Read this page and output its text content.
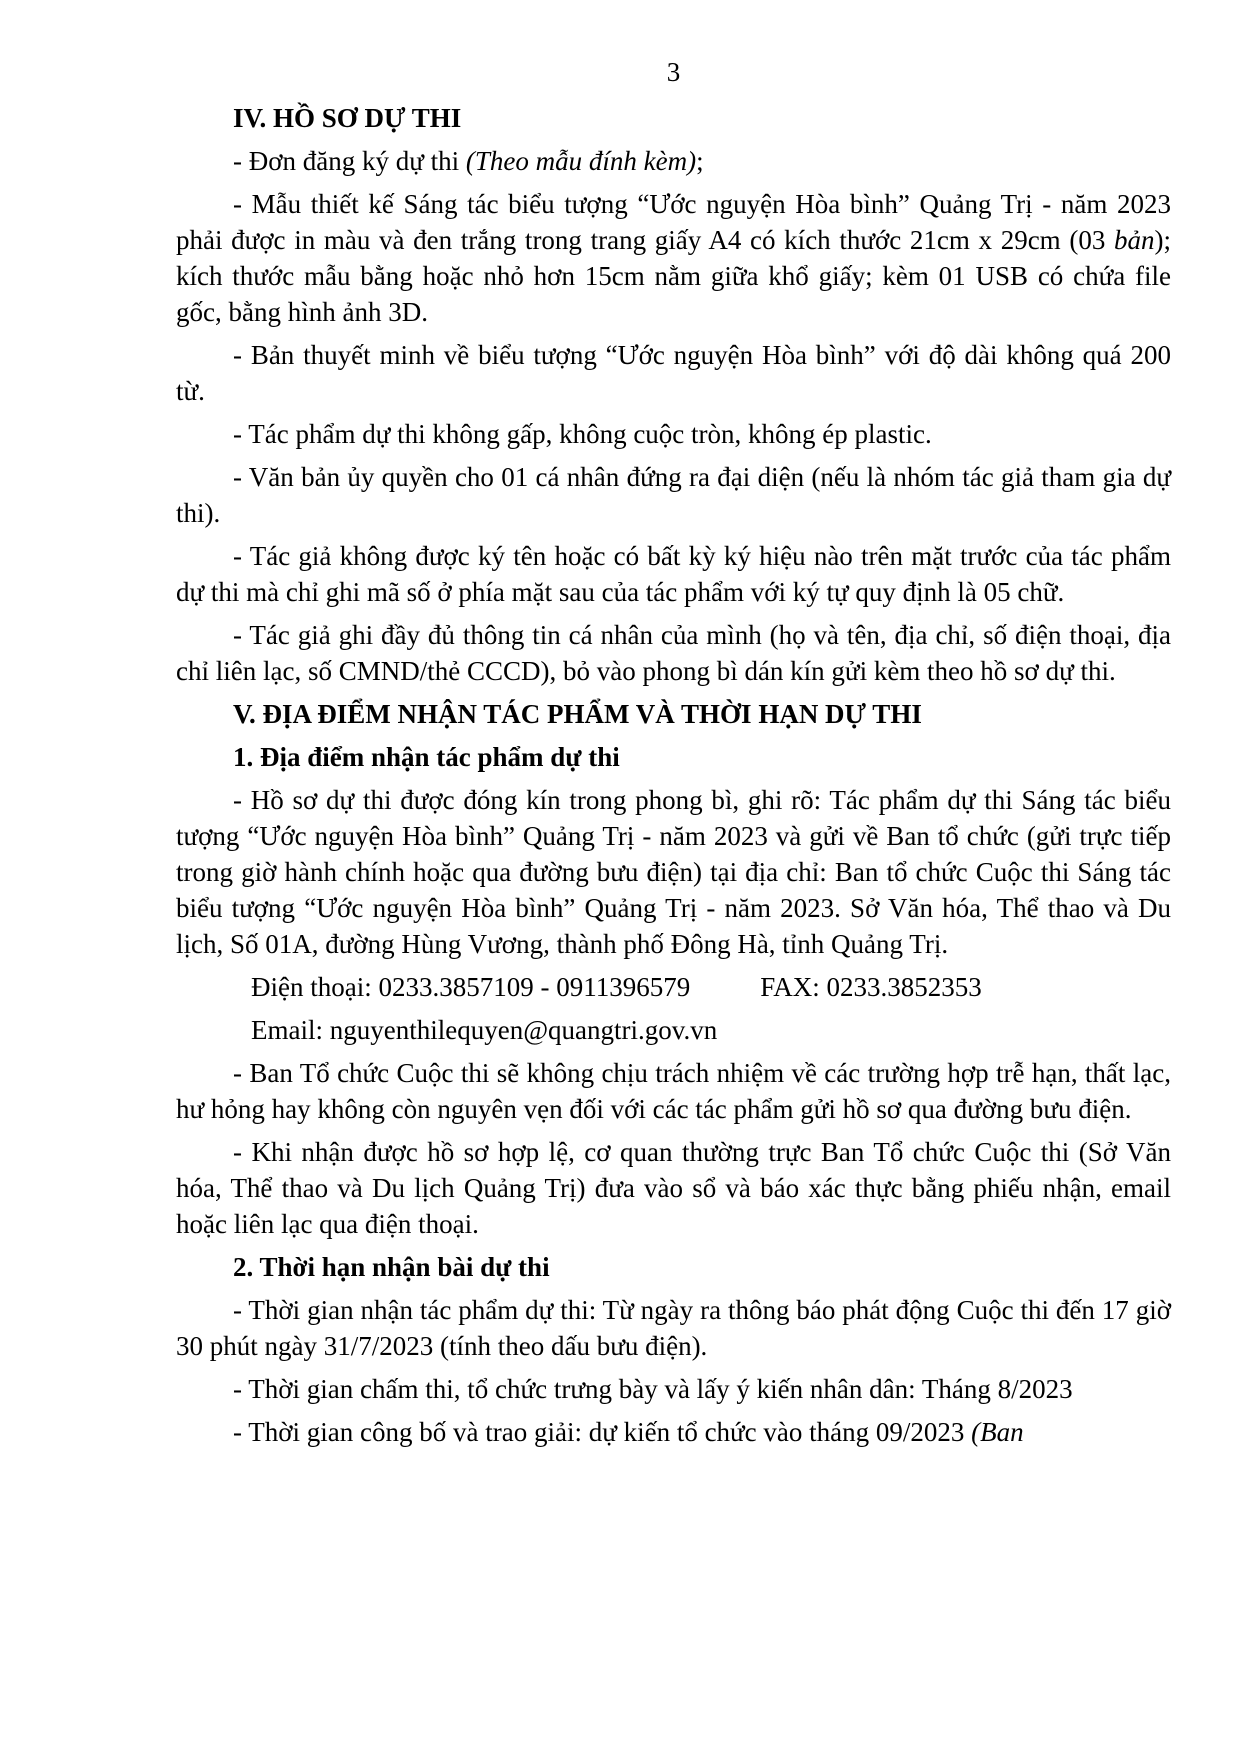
3

IV. HỒ SƠ DỰ THI

- Đơn đăng ký dự thi (Theo mẫu đính kèm);

- Mẫu thiết kế Sáng tác biểu tượng “Ước nguyện Hòa bình” Quảng Trị - năm 2023 phải được in màu và đen trắng trong trang giấy A4 có kích thước 21cm x 29cm (03 bản); kích thước mẫu bằng hoặc nhỏ hơn 15cm nằm giữa khổ giấy; kèm 01 USB có chứa file gốc, bằng hình ảnh 3D.

- Bản thuyết minh về biểu tượng “Ước nguyện Hòa bình” với độ dài không quá 200 từ.

- Tác phẩm dự thi không gấp, không cuộc tròn, không ép plastic.

- Văn bản ủy quyền cho 01 cá nhân đứng ra đại diện (nếu là nhóm tác giả tham gia dự thi).

- Tác giả không được ký tên hoặc có bất kỳ ký hiệu nào trên mặt trước của tác phẩm dự thi mà chỉ ghi mã số ở phía mặt sau của tác phẩm với ký tự quy định là 05 chữ.

- Tác giả ghi đầy đủ thông tin cá nhân của mình (họ và tên, địa chỉ, số điện thoại, địa chỉ liên lạc, số CMND/thẻ CCCD), bỏ vào phong bì dán kín gửi kèm theo hồ sơ dự thi.

V. ĐỊA ĐIỂM NHẬN TÁC PHẨM VÀ THỜI HẠN DỰ THI

1. Địa điểm nhận tác phẩm dự thi

- Hồ sơ dự thi được đóng kín trong phong bì, ghi rõ: Tác phẩm dự thi Sáng tác biểu tượng “Ước nguyện Hòa bình” Quảng Trị - năm 2023 và gửi về Ban tổ chức (gửi trực tiếp trong giờ hành chính hoặc qua đường bưu điện) tại địa chỉ: Ban tổ chức Cuộc thi Sáng tác biểu tượng “Ước nguyện Hòa bình” Quảng Trị - năm 2023. Sở Văn hóa, Thể thao và Du lịch, Số 01A, đường Hùng Vương, thành phố Đông Hà, tỉnh Quảng Trị.

Điện thoại: 0233.3857109 - 0911396579	FAX: 0233.3852353

Email: nguyenthilequyen@quangtri.gov.vn

- Ban Tổ chức Cuộc thi sẽ không chịu trách nhiệm về các trường hợp trễ hạn, thất lạc, hư hỏng hay không còn nguyên vẹn đối với các tác phẩm gửi hồ sơ qua đường bưu điện.

- Khi nhận được hồ sơ hợp lệ, cơ quan thường trực Ban Tổ chức Cuộc thi (Sở Văn hóa, Thể thao và Du lịch Quảng Trị) đưa vào sổ và báo xác thực bằng phiếu nhận, email hoặc liên lạc qua điện thoại.

2. Thời hạn nhận bài dự thi

- Thời gian nhận tác phẩm dự thi: Từ ngày ra thông báo phát động Cuộc thi đến 17 giờ 30 phút ngày 31/7/2023 (tính theo dấu bưu điện).

- Thời gian chấm thi, tổ chức trưng bày và lấy ý kiến nhân dân: Tháng 8/2023

- Thời gian công bố và trao giải: dự kiến tổ chức vào tháng 09/2023 (Ban
